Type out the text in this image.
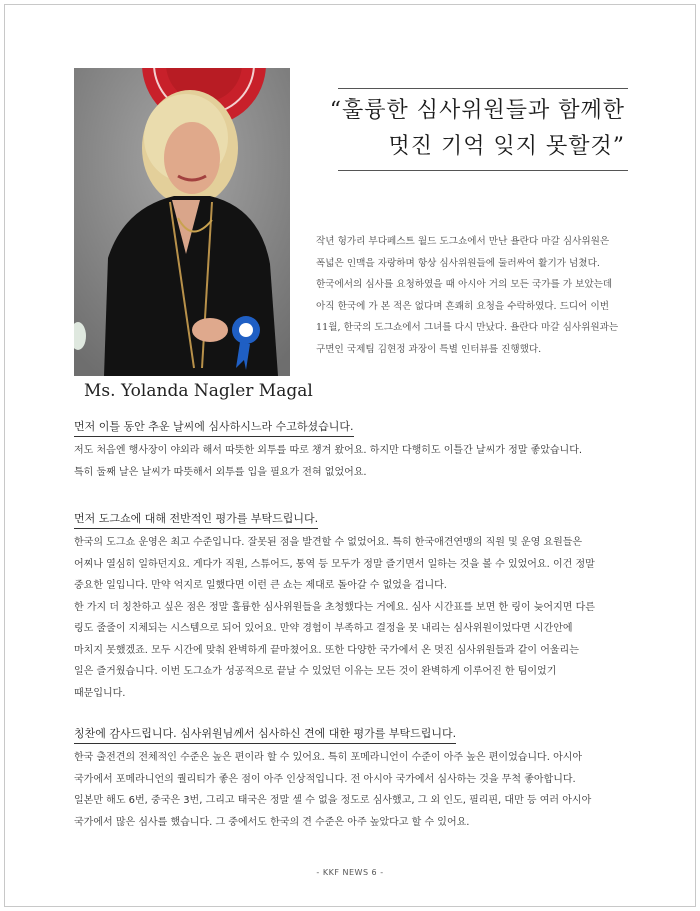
Ms. Yolanda Nagler Magal
“훌륭한 심사위원들과 함께한
멋진 기억 잊지 못할것”

작년 헝가리 부다페스트 월드 도그쇼에서 만난 욜란다 마갈 심사위원은

폭넓은 인맥을 자랑하며 항상 심사위원들에 둘러싸여 활기가 넘쳤다.

한국에서의 심사를 요청하였을 때 아시아 거의 모든 국가를 가 보았는데

아직 한국에 가 본 적은 없다며 흔쾌히 요청을 수락하였다. 드디어 이번

11월, 한국의 도그쇼에서 그녀를 다시 만났다. 욜란다 마갈 심사위원과는

구면인 국제팀 김현정 과장이 특별 인터뷰를 진행했다.

먼저 이틀 동안 추운 날씨에 심사하시느라 수고하셨습니다.
저도 처음엔 행사장이 야외라 해서 따뜻한 외투를 따로 챙겨 왔어요. 하지만 다행히도 이틀간 날씨가 정말 좋았습니다.
특히 둘째 날은 날씨가 따뜻해서 외투를 입을 필요가 전혀 없었어요.
먼저 도그쇼에 대해 전반적인 평가를 부탁드립니다.
한국의 도그쇼 운영은 최고 수준입니다. 잘못된 점을 발견할 수 없었어요. 특히 한국애견연맹의 직원 및 운영 요원들은
어찌나 열심히 일하던지요. 게다가 직원, 스튜어드, 통역 등 모두가 정말 즐기면서 일하는 것을 볼 수 있었어요. 이건 정말
중요한 일입니다. 만약 억지로 일했다면 이런 큰 쇼는 제대로 돌아갈 수 없었을 겁니다.
한 가지 더 칭찬하고 싶은 점은 정말 훌륭한 심사위원들을 초청했다는 거에요. 심사 시간표를 보면 한 링이 늦어지면 다른
링도 줄줄이 지체되는 시스템으로 되어 있어요. 만약 경험이 부족하고 결정을 못 내리는 심사위원이었다면 시간안에
마치지 못했겠죠. 모두 시간에 맞춰 완벽하게 끝마쳤어요. 또한 다양한 국가에서 온 멋진 심사위원들과 같이 어울리는
일은 즐거웠습니다. 이번 도그쇼가 성공적으로 끝날 수 있었던 이유는 모든 것이 완벽하게 이루어진 한 팀이었기
때문입니다.
칭찬에 감사드립니다. 심사위원님께서 심사하신 견에 대한 평가를 부탁드립니다.
한국 출전견의 전체적인 수준은 높은 편이라 할 수 있어요. 특히 포메라니언이 수준이 아주 높은 편이었습니다. 아시아
국가에서 포메라니언의 퀄리티가 좋은 점이 아주 인상적입니다. 전 아시아 국가에서 심사하는 것을 무척 좋아합니다.
일본만 해도 6번, 중국은 3번, 그리고 태국은 정말 셀 수 없을 정도로 심사했고, 그 외 인도, 필리핀, 대만 등 여러 아시아
국가에서 많은 심사를 했습니다. 그 중에서도 한국의 견 수준은 아주 높았다고 할 수 있어요.
- KKF NEWS 6 -
